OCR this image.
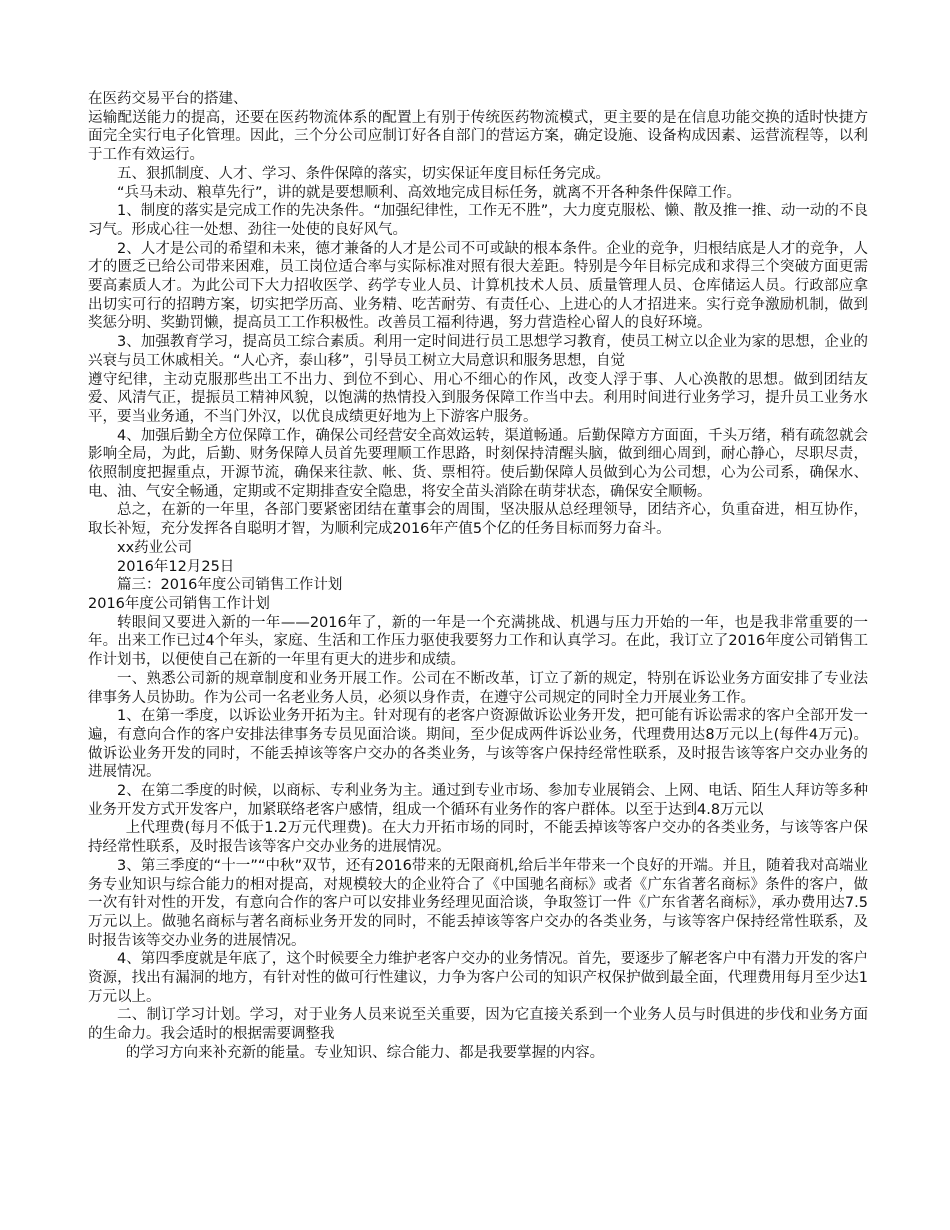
在医药交易平台的搭建、

运输配送能力的提高，还要在医药物流体系的配置上有别于传统医药物流模式，更主要的是在信息功能交换的适时快捷方面完全实行电子化管理。因此，三个分公司应制订好各自部门的营运方案，确定设施、设备构成因素、运营流程等，以利于工作有效运行。

五、狠抓制度、人才、学习、条件保障的落实，切实保证年度目标任务完成。

“兵马未动、粮草先行”，讲的就是要想顺利、高效地完成目标任务，就离不开各种条件保障工作。

1、制度的落实是完成工作的先决条件。“加强纪律性，工作无不胜”，大力度克服松、懒、散及推一推、动一动的不良习气。形成心往一处想、劲往一处使的良好风气。

2、人才是公司的希望和未来，德才兼备的人才是公司不可或缺的根本条件。企业的竞争，归根结底是人才的竞争，人才的匮乏已给公司带来困难，员工岗位适合率与实际标准对照有很大差距。特别是今年目标完成和求得三个突破方面更需要高素质人才。为此公司下大力招收医学、药学专业人员、计算机技术人员、质量管理人员、仓库储运人员。行政部应拿出切实可行的招聘方案，切实把学历高、业务精、吃苦耐劳、有责任心、上进心的人才招进来。实行竞争激励机制，做到奖惩分明、奖勤罚懒，提高员工工作积极性。改善员工福利待遇，努力营造栓心留人的良好环境。

3、加强教育学习，提高员工综合素质。利用一定时间进行员工思想学习教育，使员工树立以企业为家的思想，企业的兴衰与员工休戚相关。“人心齐，泰山移”，引导员工树立大局意识和服务思想，自觉

遵守纪律，主动克服那些出工不出力、到位不到心、用心不细心的作风，改变人浮于事、人心涣散的思想。做到团结友爱、风清气正，提振员工精神风貌，以饱满的热情投入到服务保障工作当中去。利用时间进行业务学习，提升员工业务水平，要当业务通，不当门外汉，以优良成绩更好地为上下游客户服务。

4、加强后勤全方位保障工作，确保公司经营安全高效运转，渠道畅通。后勤保障方方面面，千头万绪，稍有疏忽就会影响全局，为此，后勤、财务保障人员首先要理顺工作思路，时刻保持清醒头脑，做到细心周到，耐心静心，尽职尽责，依照制度把握重点，开源节流，确保来往款、帐、货、票相符。使后勤保障人员做到心为公司想，心为公司系，确保水、电、油、气安全畅通，定期或不定期排查安全隐患，将安全苗头消除在萌芽状态，确保安全顺畅。

总之，在新的一年里，各部门要紧密团结在董事会的周围，坚决服从总经理领导，团结齐心，负重奋进，相互协作，取长补短，充分发挥各自聪明才智，为顺利完成2016年产值5个亿的任务目标而努力奋斗。

xx药业公司

2016年12月25日

篇三：2016年度公司销售工作计划

2016年度公司销售工作计划

转眼间又要进入新的一年——2016年了，新的一年是一个充满挑战、机遇与压力开始的一年，也是我非常重要的一年。出来工作已过4个年头，家庭、生活和工作压力驱使我要努力工作和认真学习。在此，我订立了2016年度公司销售工作计划书，以便使自己在新的一年里有更大的进步和成绩。

一、熟悉公司新的规章制度和业务开展工作。公司在不断改革，订立了新的规定，特别在诉讼业务方面安排了专业法律事务人员协助。作为公司一名老业务人员，必须以身作责，在遵守公司规定的同时全力开展业务工作。

1、在第一季度，以诉讼业务开拓为主。针对现有的老客户资源做诉讼业务开发，把可能有诉讼需求的客户全部开发一遍，有意向合作的客户安排法律事务专员见面洽谈。期间，至少促成两件诉讼业务，代理费用达8万元以上(每件4万元)。做诉讼业务开发的同时，不能丢掉该等客户交办的各类业务，与该等客户保持经常性联系，及时报告该等客户交办业务的进展情况。

2、在第二季度的时候，以商标、专利业务为主。通过到专业市场、参加专业展销会、上网、电话、陌生人拜访等多种业务开发方式开发客户，加紧联络老客户感情，组成一个循环有业务作的客户群体。以至于达到4.8万元以

上代理费(每月不低于1.2万元代理费)。在大力开拓市场的同时，不能丢掉该等客户交办的各类业务，与该等客户保持经常性联系，及时报告该等客户交办业务的进展情况。

3、第三季度的“十一”“中秋”双节，还有2016带来的无限商机,给后半年带来一个良好的开端。并且，随着我对高端业务专业知识与综合能力的相对提高，对规模较大的企业符合了《中国驰名商标》或者《广东省著名商标》条件的客户，做一次有针对性的开发，有意向合作的客户可以安排业务经理见面洽谈，争取签订一件《广东省著名商标》，承办费用达7.5万元以上。做驰名商标与著名商标业务开发的同时，不能丢掉该等客户交办的各类业务，与该等客户保持经常性联系，及时报告该等交办业务的进展情况。

4、第四季度就是年底了，这个时候要全力维护老客户交办的业务情况。首先，要逐步了解老客户中有潜力开发的客户资源，找出有漏洞的地方，有针对性的做可行性建议，力争为客户公司的知识产权保护做到最全面，代理费用每月至少达1万元以上。

二、制订学习计划。学习，对于业务人员来说至关重要，因为它直接关系到一个业务人员与时俱进的步伐和业务方面的生命力。我会适时的根据需要调整我

的学习方向来补充新的能量。专业知识、综合能力、都是我要掌握的内容。
